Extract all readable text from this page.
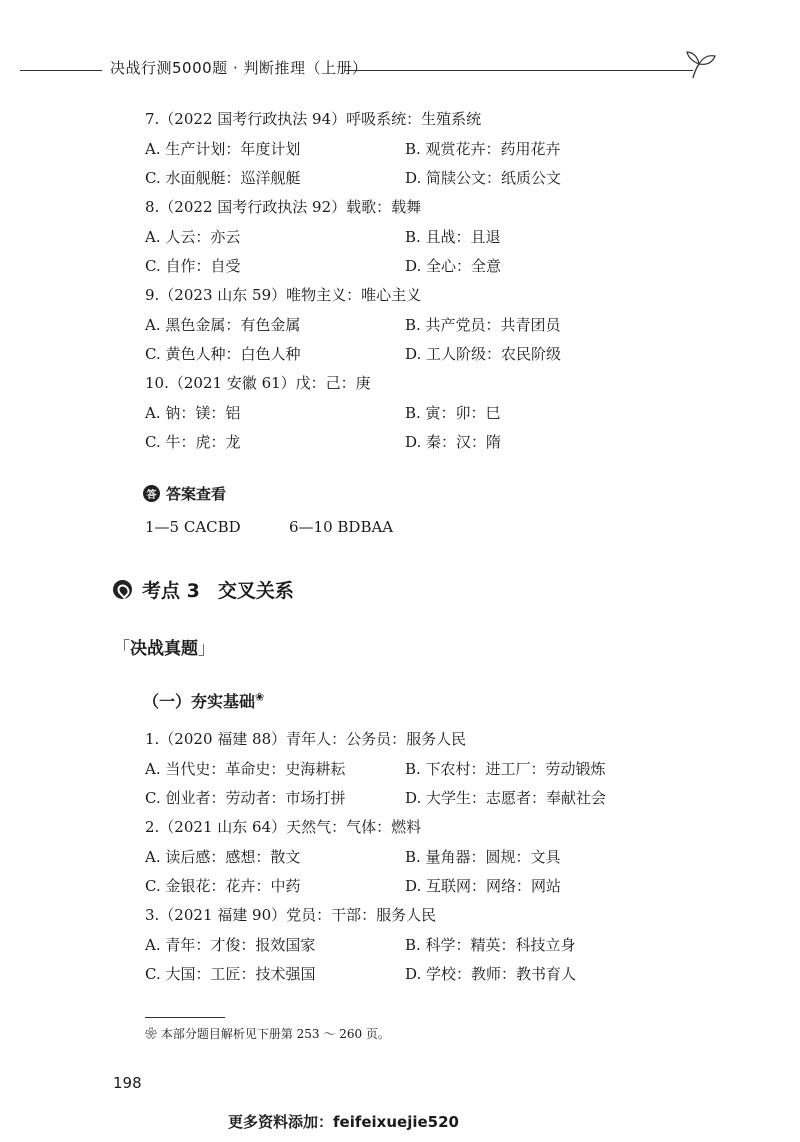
决战行测5000题 · 判断推理（上册）
7.（2022 国考行政执法 94）呼吸系统：生殖系统
A. 生产计划：年度计划	B. 观赏花卉：药用花卉
C. 水面舰艇：巡洋舰艇	D. 简牍公文：纸质公文
8.（2022 国考行政执法 92）载歌：载舞
A. 人云：亦云	B. 且战：且退
C. 自作：自受	D. 全心：全意
9.（2023 山东 59）唯物主义：唯心主义
A. 黑色金属：有色金属	B. 共产党员：共青团员
C. 黄色人种：白色人种	D. 工人阶级：农民阶级
10.（2021 安徽 61）戊：己：庚
A. 钠：镁：铝	B. 寅：卯：巳
C. 牛：虎：龙	D. 秦：汉：隋
答 答案查看
1—5 CACBD	6—10 BDBAA
考点 3 交叉关系
「决战真题」
（一）夯实基础❀
1.（2020 福建 88）青年人：公务员：服务人民
A. 当代史：革命史：史海耕耘	B. 下农村：进工厂：劳动锻炼
C. 创业者：劳动者：市场打拼	D. 大学生：志愿者：奉献社会
2.（2021 山东 64）天然气：气体：燃料
A. 读后感：感想：散文	B. 量角器：圆规：文具
C. 金银花：花卉：中药	D. 互联网：网络：网站
3.（2021 福建 90）党员：干部：服务人民
A. 青年：才俊：报效国家	B. 科学：精英：科技立身
C. 大国：工匠：技术强国	D. 学校：教师：教书育人
❀ 本部分题目解析见下册第 253 ～ 260 页。
198
更多资料添加：feifeixuejie520
